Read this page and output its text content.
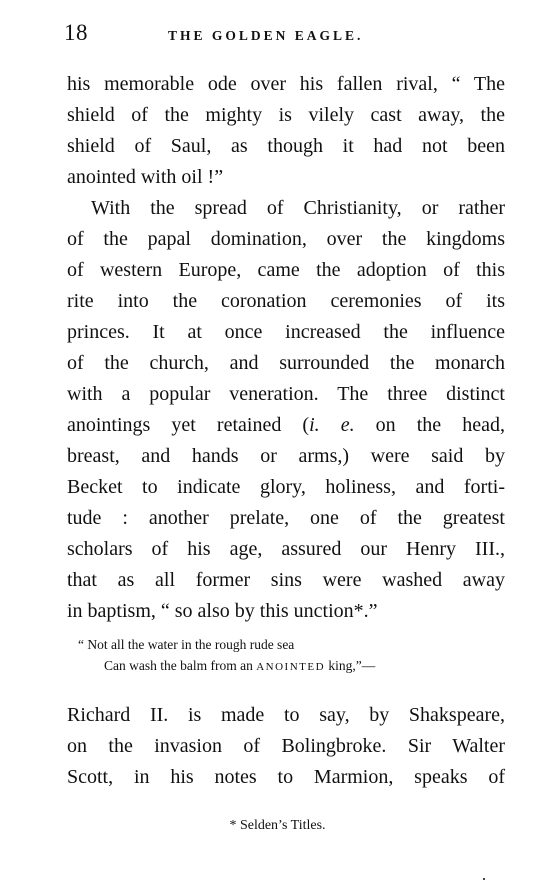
18	THE GOLDEN EAGLE.
his memorable ode over his fallen rival, “ The
shield of the mighty is vilely cast away, the
shield of Saul, as though it had not been
anointed with oil !”
With the spread of Christianity, or rather
of the papal domination, over the kingdoms
of western Europe, came the adoption of this
rite into the coronation ceremonies of its
princes. It at once increased the influence
of the church, and surrounded the monarch
with a popular veneration. The three distinct
anointings yet retained (i. e. on the head,
breast, and hands or arms,) were said by
Becket to indicate glory, holiness, and forti-
tude : another prelate, one of the greatest
scholars of his age, assured our Henry III.,
that as all former sins were washed away
in baptism, “ so also by this unction*.”
“ Not all the water in the rough rude sea
Can wash the balm from an ANOINTED king,”—
Richard II. is made to say, by Shakspeare,
on the invasion of Bolingbroke. Sir Walter
Scott, in his notes to Marmion, speaks of
* Selden’s Titles.
